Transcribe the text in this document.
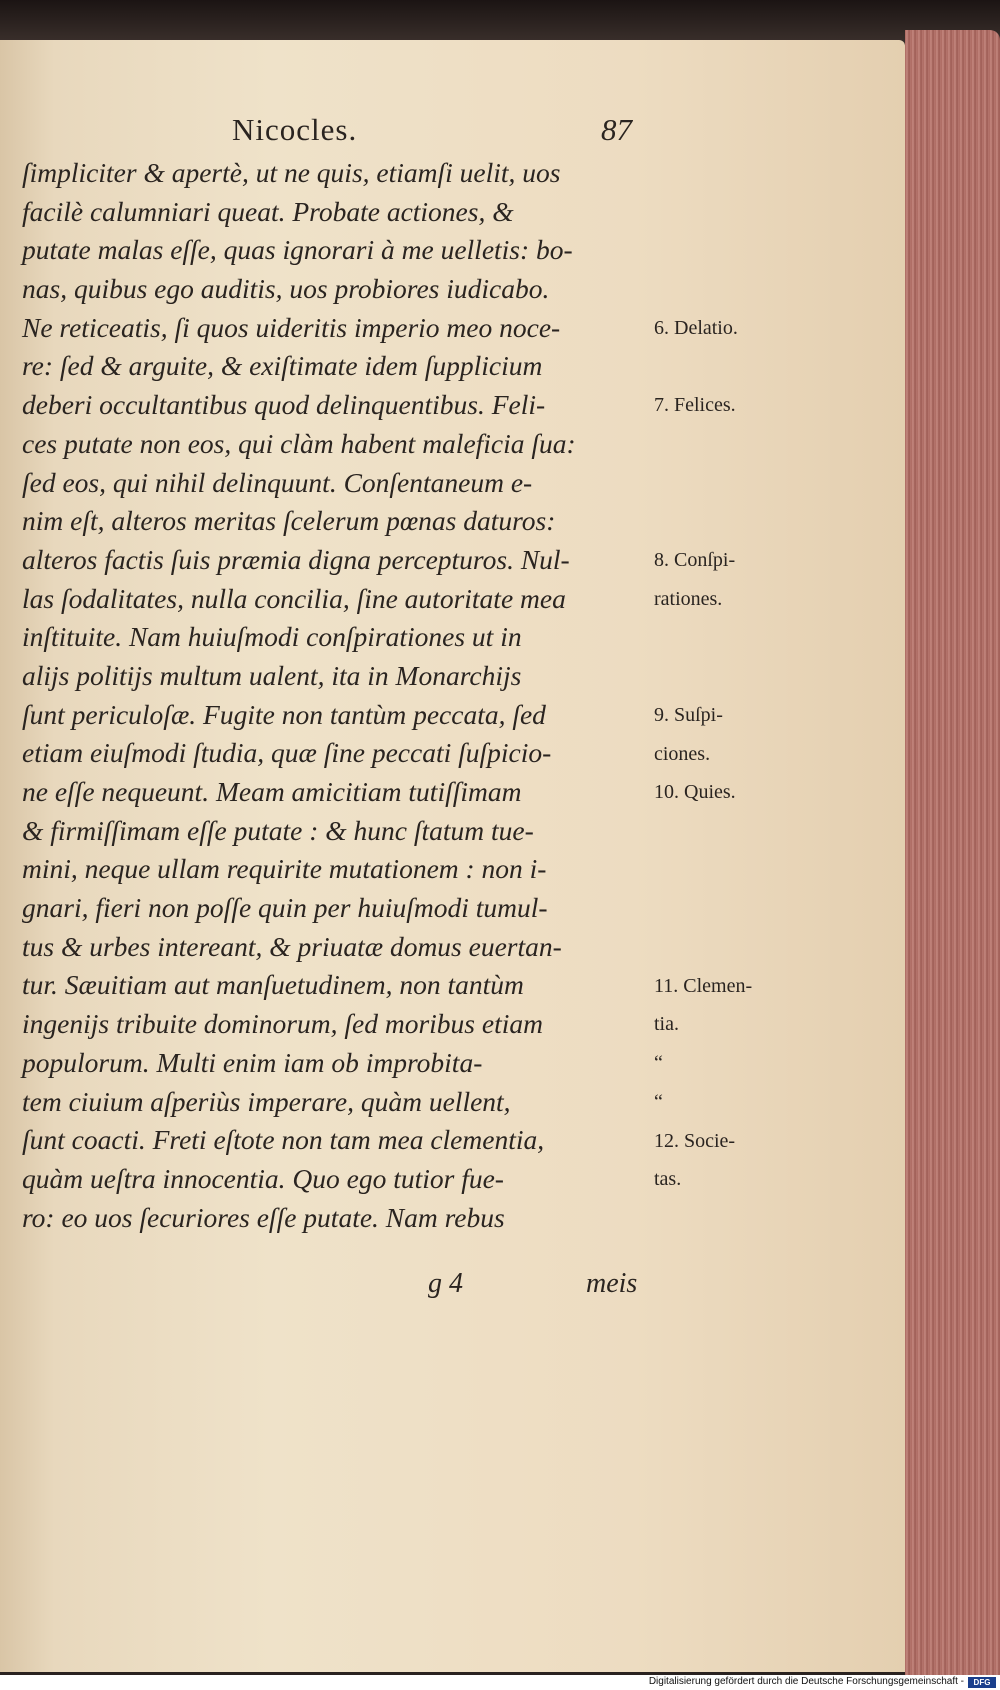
Nicocles.	87
ſimpliciter & apertè, ut ne quis, etiamſi uelit, uos
facilè calumniari queat. Probate actiones, &
putate malas eſſe, quas ignorari à me uelletis: bo-
nas, quibus ego auditis, uos probiores iudicabo.
Ne reticeatis, ſi quos uideritis imperio meo noce-
re: ſed & arguite, & exiſtimate idem ſupplicium
deberi occultantibus quod delinquentibus. Feli-
ces putate non eos, qui clàm habent maleficia ſua:
ſed eos, qui nihil delinquunt. Conſentaneum e-
nim eſt, alteros meritas ſcelerum pœnas daturos:
alteros factis ſuis præmia digna percepturos. Nul-
las ſodalitates, nulla concilia, ſine autoritate mea
inſtituite. Nam huiuſmodi conſpirationes ut in
alijs politijs multum ualent, ita in Monarchijs
ſunt periculoſæ. Fugite non tantùm peccata, ſed
etiam eiuſmodi ſtudia, quæ ſine peccati ſuſpicio-
ne eſſe nequeunt. Meam amicitiam tutiſſimam
& firmiſſimam eſſe putate : & hunc ſtatum tue-
mini, neque ullam requirite mutationem : non i-
gnari, fieri non poſſe quin per huiuſmodi tumul-
tus & urbes intereant, & priuatæ domus euertan-
tur. Sæuitiam aut manſuetudinem, non tantùm
ingenijs tribuite dominorum, ſed moribus etiam
populorum. Multi enim iam ob improbita-
tem ciuium aſperiùs imperare, quàm uellent,
ſunt coacti. Freti eſtote non tam mea clementia,
quàm ueſtra innocentia. Quo ego tutior fue-
ro: eo uos ſecuriores eſſe putate. Nam rebus
6. Delatio.
7. Felices.
8. Conſpi-
rationes.
9. Suſpi-
ciones.
10. Quies.
11. Clemen-
tia.
“
“
12. Socie-
tas.
g 4	meis
Digitalisierung gefördert durch die Deutsche Forschungsgemeinschaft -	DFG
